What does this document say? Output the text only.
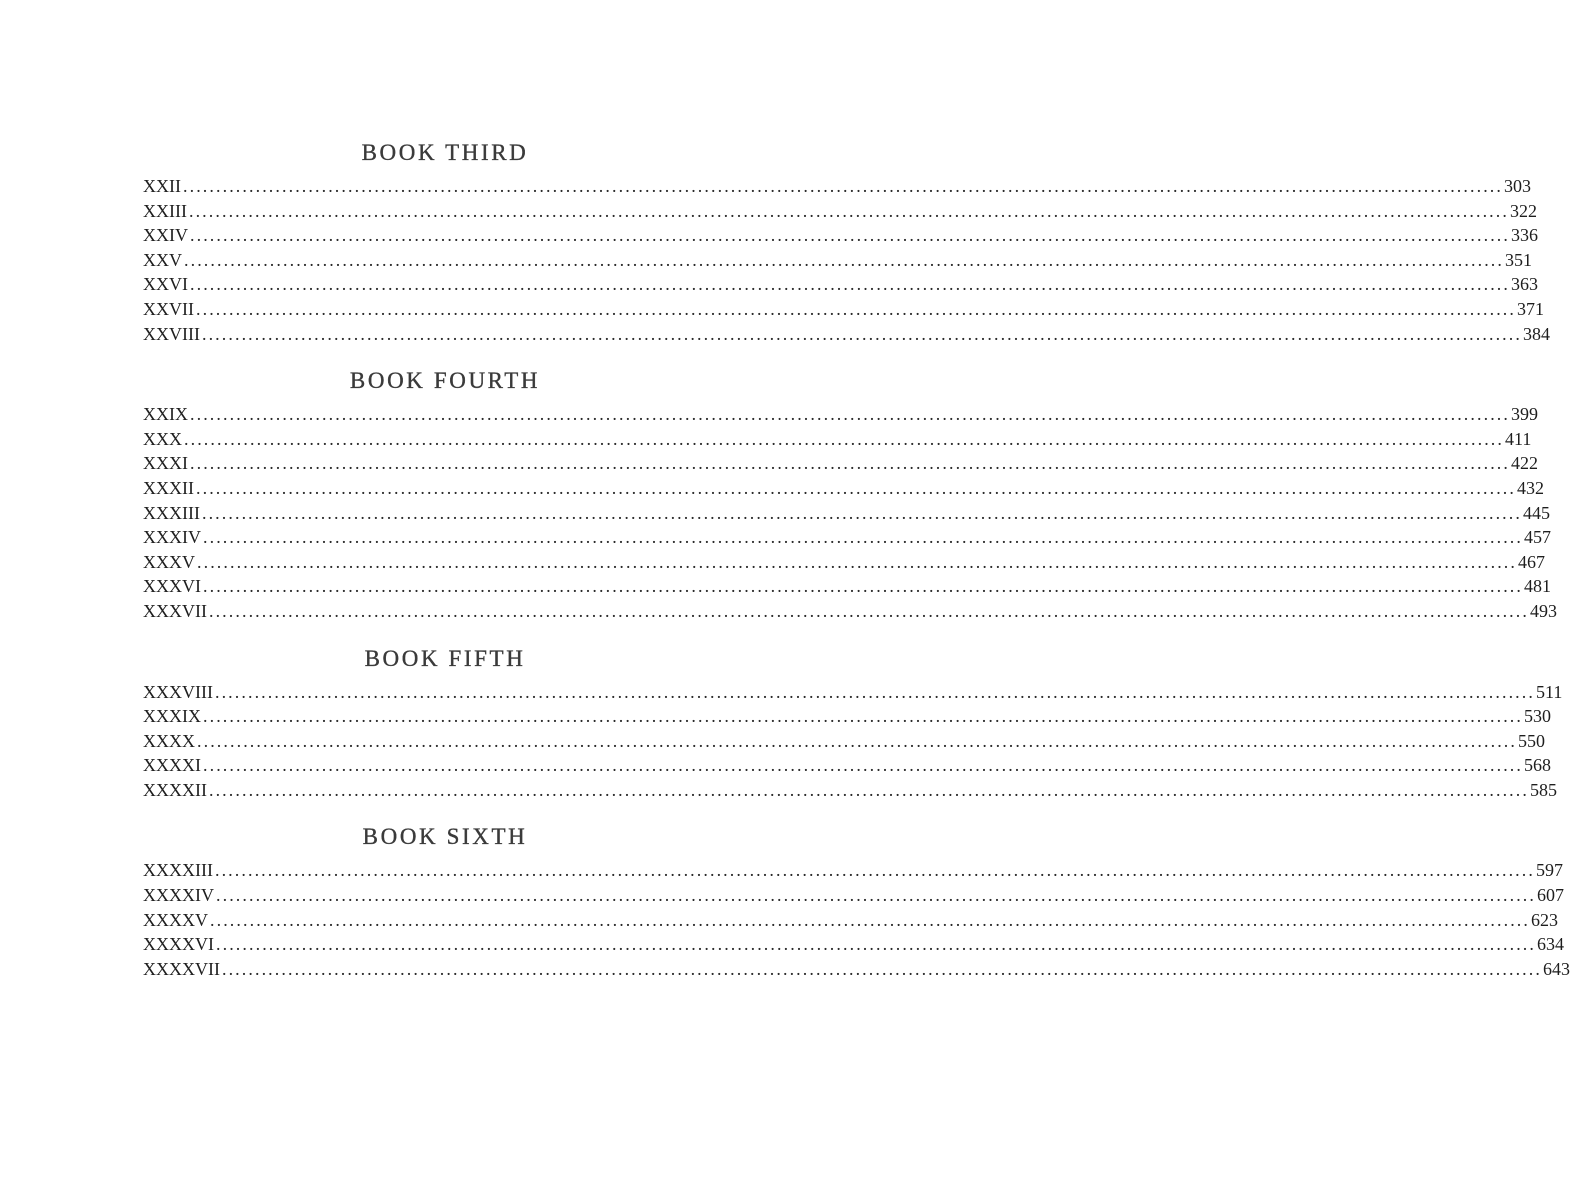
BOOK THIRD
XXII ........................................................................................................................................................................................................ 303
XXIII ........................................................................................................................................................................................................ 322
XXIV ........................................................................................................................................................................................................ 336
XXV ........................................................................................................................................................................................................ 351
XXVI ........................................................................................................................................................................................................ 363
XXVII ........................................................................................................................................................................................................ 371
XXVIII ........................................................................................................................................................................................................ 384
BOOK FOURTH
XXIX ........................................................................................................................................................................................................ 399
XXX ........................................................................................................................................................................................................ 411
XXXI ........................................................................................................................................................................................................ 422
XXXII ........................................................................................................................................................................................................ 432
XXXIII ........................................................................................................................................................................................................ 445
XXXIV ........................................................................................................................................................................................................ 457
XXXV ........................................................................................................................................................................................................ 467
XXXVI ........................................................................................................................................................................................................ 481
XXXVII ........................................................................................................................................................................................................ 493
BOOK FIFTH
XXXVIII ........................................................................................................................................................................................................ 511
XXXIX ........................................................................................................................................................................................................ 530
XXXX ........................................................................................................................................................................................................ 550
XXXXI ........................................................................................................................................................................................................ 568
XXXXII ........................................................................................................................................................................................................ 585
BOOK SIXTH
XXXXIII ........................................................................................................................................................................................................ 597
XXXXIV ........................................................................................................................................................................................................ 607
XXXXV ........................................................................................................................................................................................................ 623
XXXXVI ........................................................................................................................................................................................................ 634
XXXXVII ........................................................................................................................................................................................................ 643
